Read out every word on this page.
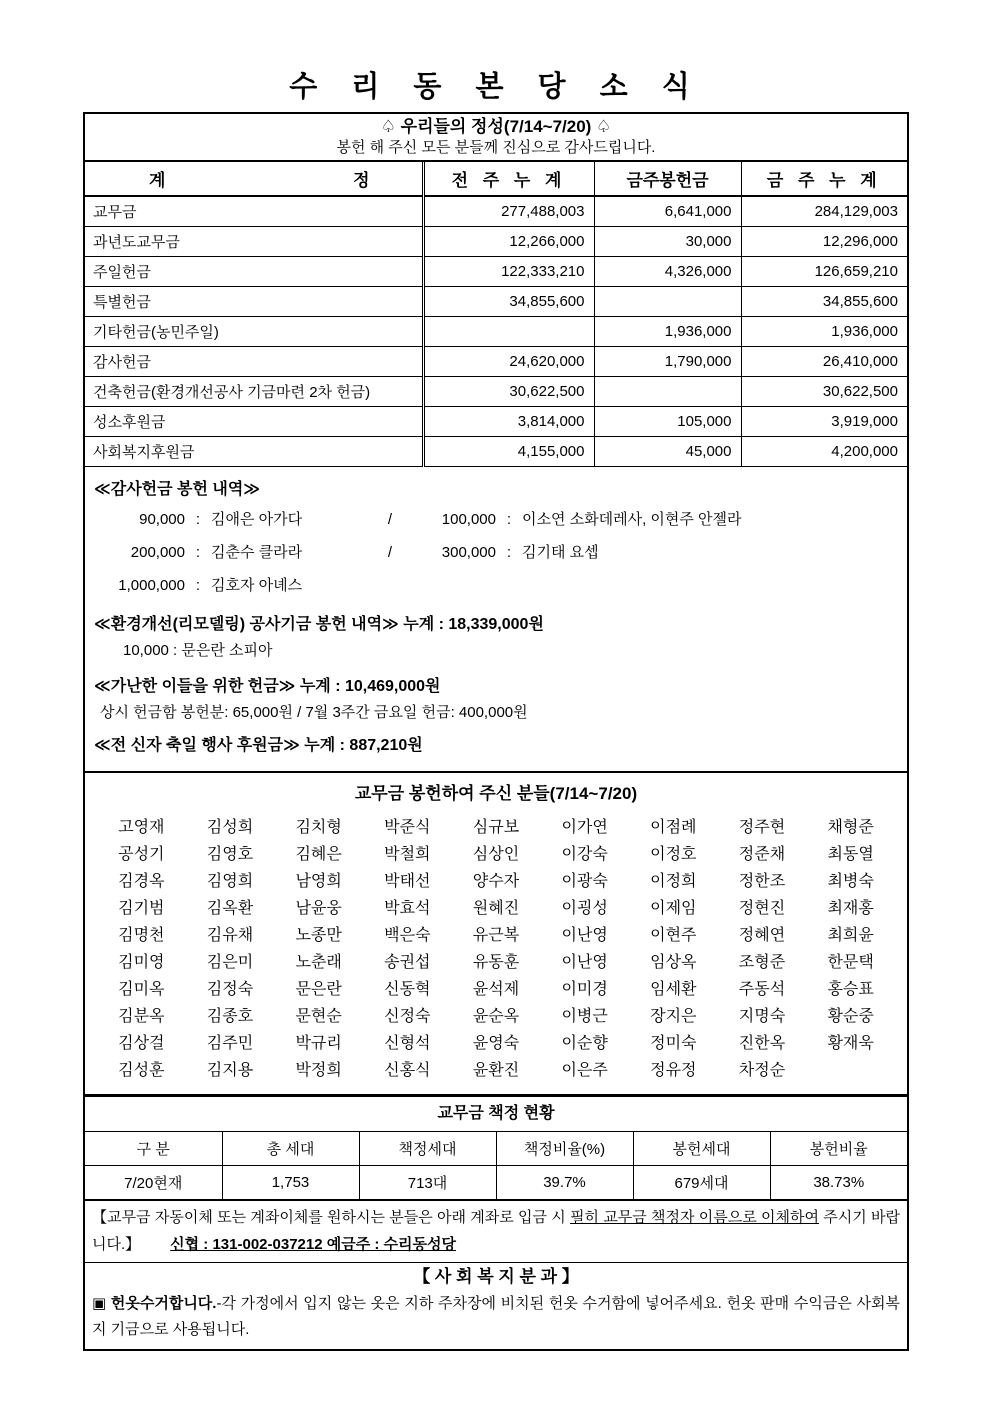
수 리 동 본 당 소 식
♤ 우리들의 정성(7/14~7/20) ♤
봉헌 해 주신 모든 분들께 진심으로 감사드립니다.
계 정	전 주 누 계	금주봉헌금	금 주 누 계
교무금	277,488,003	6,641,000	284,129,003
과년도교무금	12,266,000	30,000	12,296,000
주일헌금	122,333,210	4,326,000	126,659,210
특별헌금	34,855,600		34,855,600
기타헌금(농민주일)		1,936,000	1,936,000
감사헌금	24,620,000	1,790,000	26,410,000
건축헌금(환경개선공사 기금마련 2차 헌금)	30,622,500		30,622,500
성소후원금	3,814,000	105,000	3,919,000
사회복지후원금	4,155,000	45,000	4,200,000
≪감사헌금 봉헌 내역≫
90,000 : 김애은 아가다	/	100,000 : 이소연 소화데레사, 이현주 안젤라
200,000 : 김춘수 클라라	/	300,000 : 김기태 요셉
1,000,000 : 김호자 아녜스
≪환경개선(리모델링) 공사기금 봉헌 내역≫ 누계 : 18,339,000원
10,000 : 문은란 소피아
≪가난한 이들을 위한 헌금≫ 누계 : 10,469,000원
상시 헌금함 봉헌분: 65,000원 / 7월 3주간 금요일 헌금: 400,000원
≪전 신자 축일 행사 후원금≫ 누계 : 887,210원
교무금 봉헌하여 주신 분들(7/14~7/20)
고영재	김성희	김치형	박준식	심규보	이가연	이점례	정주현	채형준
공성기	김영호	김혜은	박철희	심상인	이강숙	이정호	정준채	최동열
김경옥	김영희	남영희	박태선	양수자	이광숙	이정희	정한조	최병숙
김기범	김옥환	남윤웅	박효석	원혜진	이굉성	이제임	정현진	최재홍
김명천	김유채	노종만	백은숙	유근복	이난영	이현주	정혜연	최희윤
김미영	김은미	노춘래	송권섭	유동훈	이난영	임상옥	조형준	한문택
김미옥	김정숙	문은란	신동혁	윤석제	이미경	임세환	주동석	홍승표
김분옥	김종호	문현순	신정숙	윤순옥	이병근	장지은	지명숙	황순중
김상걸	김주민	박규리	신형석	윤영숙	이순향	정미숙	진한옥	황재욱
김성훈	김지용	박정희	신홍식	윤환진	이은주	정유정	차정순
교무금 책정 현황
구 분	총 세대	책정세대	책정비율(%)	봉헌세대	봉헌비율
7/20현재	1,753	713대	39.7%	679세대	38.73%
【교무금 자동이체 또는 계좌이체를 원하시는 분들은 아래 계좌로 입금 시 필히 교무금 책정자 이름으로 이체하여 주시기 바랍니다.】 신협 : 131-002-037212 예금주 : 수리동성당
【 사 회 복 지 분 과 】

▣ 헌옷수거합니다.-각 가정에서 입지 않는 옷은 지하 주차장에 비치된 헌옷 수거함에 넣어주세요. 헌옷 판매 수익금은 사회복지 기금으로 사용됩니다.
